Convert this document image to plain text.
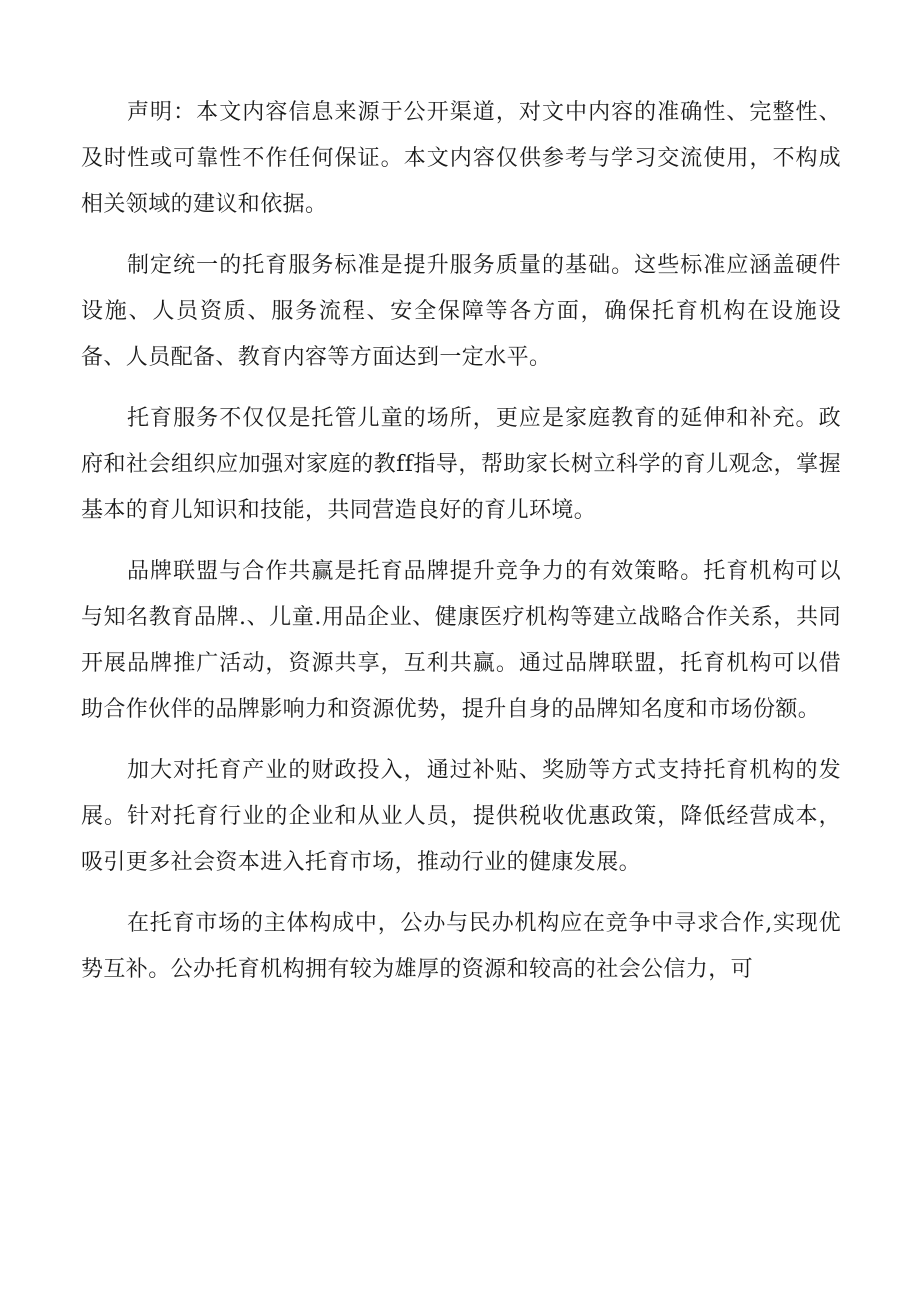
声明：本文内容信息来源于公开渠道，对文中内容的准确性、完整性、及时性或可靠性不作任何保证。本文内容仅供参考与学习交流使用，不构成相关领域的建议和依据。

制定统一的托育服务标准是提升服务质量的基础。这些标准应涵盖硬件设施、人员资质、服务流程、安全保障等各方面，确保托育机构在设施设备、人员配备、教育内容等方面达到一定水平。

托育服务不仅仅是托管儿童的场所，更应是家庭教育的延伸和补充。政府和社会组织应加强对家庭的教ff指导，帮助家长树立科学的育儿观念，掌握基本的育儿知识和技能，共同营造良好的育儿环境。

品牌联盟与合作共赢是托育品牌提升竞争力的有效策略。托育机构可以与知名教育品牌.、儿童.用品企业、健康医疗机构等建立战略合作关系，共同开展品牌推广活动，资源共享，互利共赢。通过品牌联盟，托育机构可以借助合作伙伴的品牌影响力和资源优势，提升自身的品牌知名度和市场份额。

加大对托育产业的财政投入，通过补贴、奖励等方式支持托育机构的发展。针对托育行业的企业和从业人员，提供税收优惠政策，降低经营成本，吸引更多社会资本进入托育市场，推动行业的健康发展。

在托育市场的主体构成中，公办与民办机构应在竞争中寻求合作,实现优势互补。公办托育机构拥有较为雄厚的资源和较高的社会公信力，可
